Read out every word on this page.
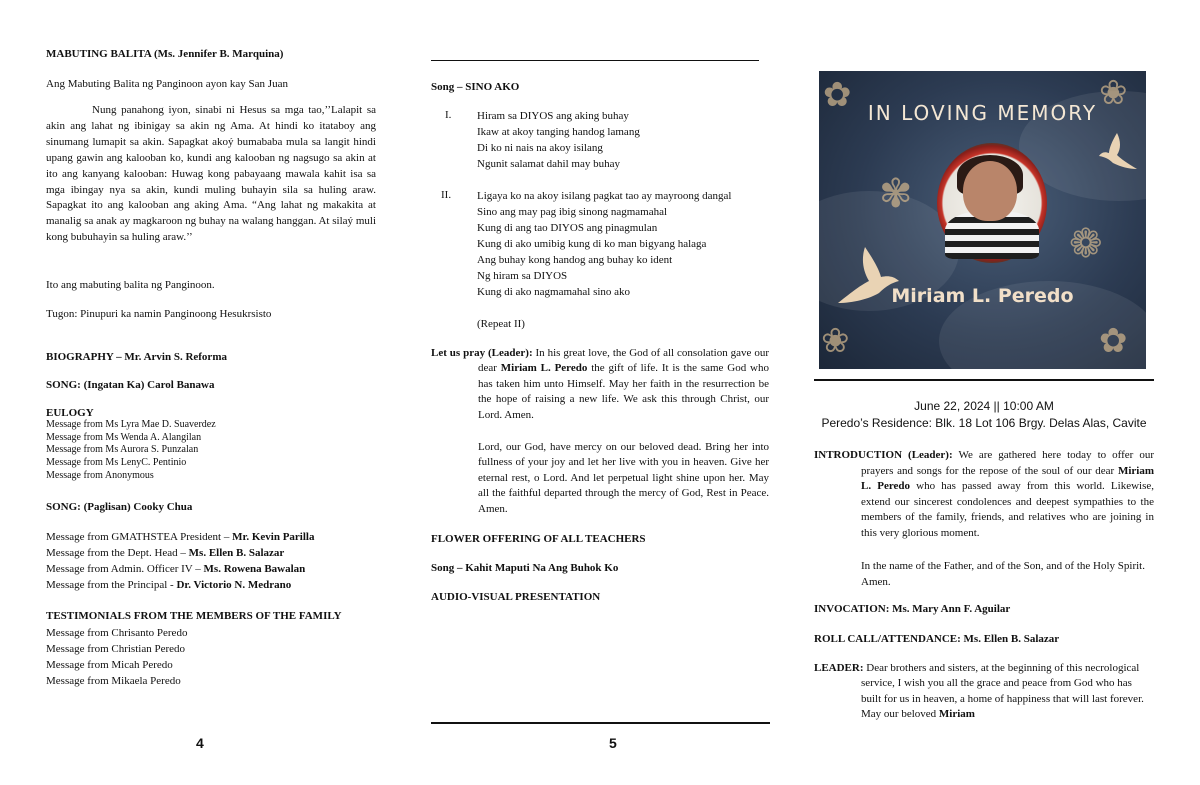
MABUTING BALITA (Ms. Jennifer B. Marquina)

Ang Mabuting Balita ng Panginoon ayon kay San Juan

Nung panahong iyon, sinabi ni Hesus sa mga tao,’’Lalapit sa akin ang lahat ng ibinigay sa akin ng Ama. At hindi ko itataboy ang sinumang lumapit sa akin. Sapagkat akoý bumababa mula sa langit hindi upang gawin ang kalooban ko, kundi ang kalooban ng nagsugo sa akin at ito ang kanyang kalooban: Huwag kong pabayaang mawala kahit isa sa mga ibingay nya sa akin, kundi muling buhayin sila sa huling araw. Sapagkat ito ang kalooban ang aking Ama. “Ang lahat ng makakita at manalig sa anak ay magkaroon ng buhay na walang hanggan. At silaý muli kong bubuhayin sa huling araw.’’

Ito ang mabuting balita ng Panginoon.

Tugon: Pinupuri ka namin Panginoong Hesukrsisto

BIOGRAPHY – Mr. Arvin S. Reforma

SONG: (Ingatan Ka) Carol Banawa

EULOGY

Message from Ms Lyra Mae D. Suaverdez

Message from Ms Wenda A. Alangilan

Message from Ms Aurora S. Punzalan

Message from Ms LenyC. Pentinio

Message from Anonymous

SONG: (Paglisan) Cooky Chua

Message from GMATHSTEA President – Mr. Kevin Parilla

Message from the Dept. Head – Ms. Ellen B. Salazar

Message from Admin. Officer IV – Ms. Rowena Bawalan

Message from the Principal - Dr. Victorio N. Medrano

TESTIMONIALS FROM THE MEMBERS OF THE FAMILY

Message from Chrisanto Peredo

Message from Christian Peredo

Message from Micah Peredo

Message from Mikaela Peredo

4

Song – SINO AKO

I. Hiram sa DIYOS ang aking buhay

Ikaw at akoy tanging handog lamang

Di ko ni nais na akoy isilang

Ngunit salamat dahil may buhay

II. Ligaya ko na akoy isilang pagkat tao ay mayroong dangal

Sino ang may pag ibig sinong nagmamahal

Kung di ang tao DIYOS ang pinagmulan

Kung di ako umibig kung di ko man bigyang halaga

Ang buhay kong handog ang buhay ko ident

Ng hiram sa DIYOS

Kung di ako nagmamahal sino ako

(Repeat II)

Let us pray (Leader): In his great love, the God of all consolation gave our dear Miriam L. Peredo the gift of life. It is the same God who has taken him unto Himself. May her faith in the resurrection be the hope of raising a new life. We ask this through Christ, our Lord. Amen.

Lord, our God, have mercy on our beloved dead. Bring her into fullness of your joy and let her live with you in heaven. Give her eternal rest, o Lord. And let perpetual light shine upon her. May all the faithful departed through the mercy of God, Rest in Peace. Amen.

FLOWER OFFERING OF ALL TEACHERS

Song – Kahit Maputi Na Ang Buhok Ko

AUDIO-VISUAL PRESENTATION

5
✿	❀
✾
❁
✿
❀
IN LOVING MEMORY
Miriam L. Peredo

June 22, 2024 || 10:00 AM

Peredo’s Residence: Blk. 18 Lot 106 Brgy. Delas Alas, Cavite

INTRODUCTION (Leader): We are gathered here today to offer our prayers and songs for the repose of the soul of our dear Miriam L. Peredo who has passed away from this world. Likewise, extend our sincerest condolences and deepest sympathies to the members of the family, friends, and relatives who are joining in this very glorious moment.

In the name of the Father, and of the Son, and of the Holy Spirit. Amen.

INVOCATION: Ms. Mary Ann F. Aguilar

ROLL CALL/ATTENDANCE: Ms. Ellen B. Salazar

LEADER: Dear brothers and sisters, at the beginning of this necrological service, I wish you all the grace and peace from God who has built for us in heaven, a home of happiness that will last forever. May our beloved Miriam
